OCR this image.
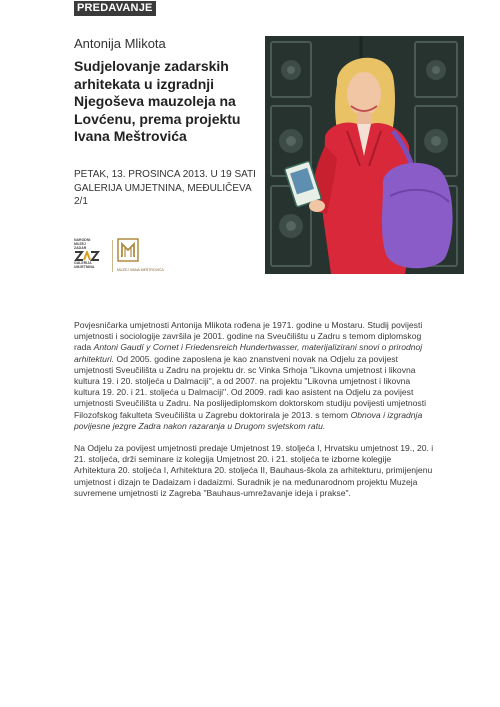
PREDAVANJE
Antonija Mlikota
Sudjelovanje zadarskih arhitekata u izgradnji Njegoševa mauzoleja na Lovćenu, prema projektu Ivana Meštrovića
PETAK, 13. PROSINCA 2013. U 19 SATI
GALERIJA UMJETNINA, MEĐULIČEVA 2/1
NARODNI
MUZEJ
ZADAR
GALERIJA
UMJETNINA
MUZEJ IVANA MEŠTROVIĆA

Povjesničarka umjetnosti Antonija Mlikota rođena je 1971. godine u Mostaru. Studij povijesti umjetnosti i sociologije završila je 2001. godine na Sveučilištu u Zadru s temom diplomskog rada Antoni Gaudí y Cornet i Friedensreich Hundertwasser, materijalizirani snovi o prirodnoj arhitekturi. Od 2005. godine zaposlena je kao znanstveni novak na Odjelu za povijest umjetnosti Sveučilišta u Zadru na projektu dr. sc Vinka Srhoja "Likovna umjetnost i likovna kultura 19. i 20. stoljeća u Dalmaciji", a od 2007. na projektu "Likovna umjetnost i likovna kultura 19. 20. i 21. stoljeća u Dalmaciji". Od 2009. radi kao asistent na Odjelu za povijest umjetnosti Sveučilišta u Zadru. Na poslijediplomskom doktorskom studiju povijesti umjetnosti Filozofskog fakulteta Sveučilišta u Zagrebu doktorirala je 2013. s temom Obnova i izgradnja povijesne jezgre Zadra nakon razaranja u Drugom svjetskom ratu.

Na Odjelu za povijest umjetnosti predaje Umjetnost 19. stoljeća I, Hrvatsku umjetnost 19., 20. i 21. stoljeća, drži seminare iz kolegija Umjetnost 20. i 21. stoljeća te izborne kolegije Arhitektura 20. stoljeća I, Arhitektura 20. stoljeća II, Bauhaus-škola za arhitekturu, primijenjenu umjetnost i dizajn te Dadaizam i dadaizmi. Suradnik je na međunarodnom projektu Muzeja suvremene umjetnosti iz Zagreba "Bauhaus-umrežavanje ideja i prakse".
